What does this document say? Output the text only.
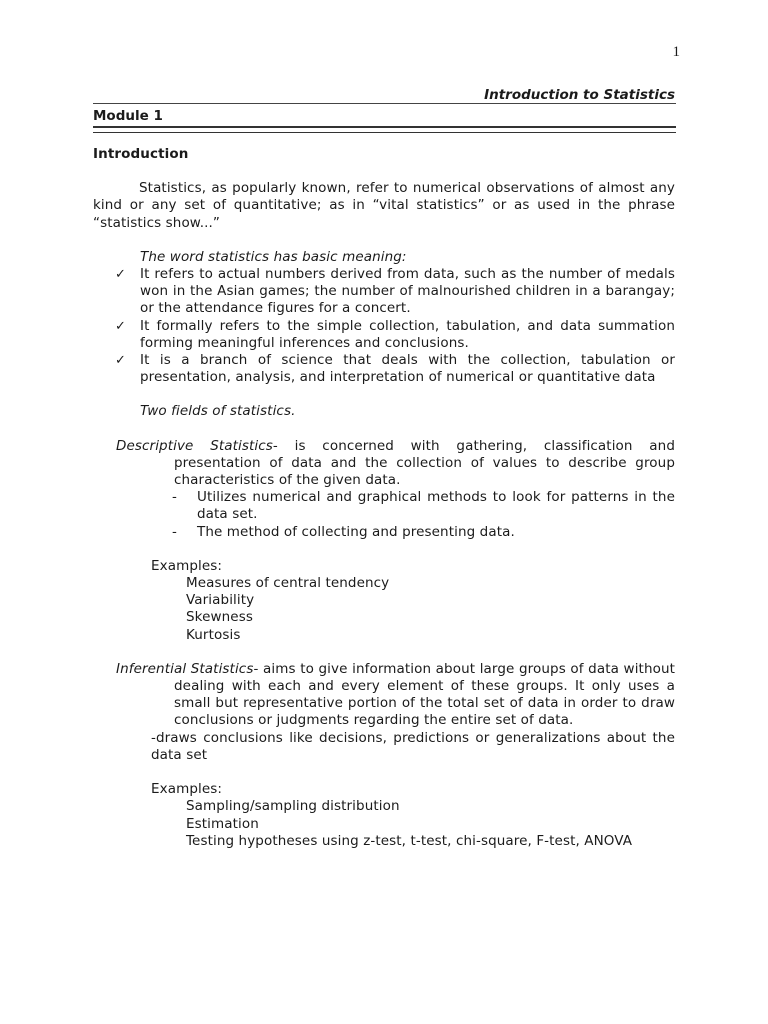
1
Introduction to Statistics
Module 1
Introduction

Statistics, as popularly known, refer to numerical observations of almost any kind or any set of quantitative; as in “vital statistics” or as used in the phrase “statistics show...”

The word statistics has basic meaning:
✓ It refers to actual numbers derived from data, such as the number of medals won in the Asian games; the number of malnourished children in a barangay; or the attendance figures for a concert.
✓ It formally refers to the simple collection, tabulation, and data summation forming meaningful inferences and conclusions.
✓ It is a branch of science that deals with the collection, tabulation or presentation, analysis, and interpretation of numerical or quantitative data
Two fields of statistics.
Descriptive Statistics- is concerned with gathering, classification and presentation of data and the collection of values to describe group characteristics of the given data.
- Utilizes numerical and graphical methods to look for patterns in the data set.
- The method of collecting and presenting data.
Examples:
Measures of central tendency
Variability
Skewness
Kurtosis
Inferential Statistics- aims to give information about large groups of data without dealing with each and every element of these groups. It only uses a small but representative portion of the total set of data in order to draw conclusions or judgments regarding the entire set of data.
-draws conclusions like decisions, predictions or generalizations about the data set
Examples:
Sampling/sampling distribution
Estimation
Testing hypotheses using z-test, t-test, chi-square, F-test, ANOVA
